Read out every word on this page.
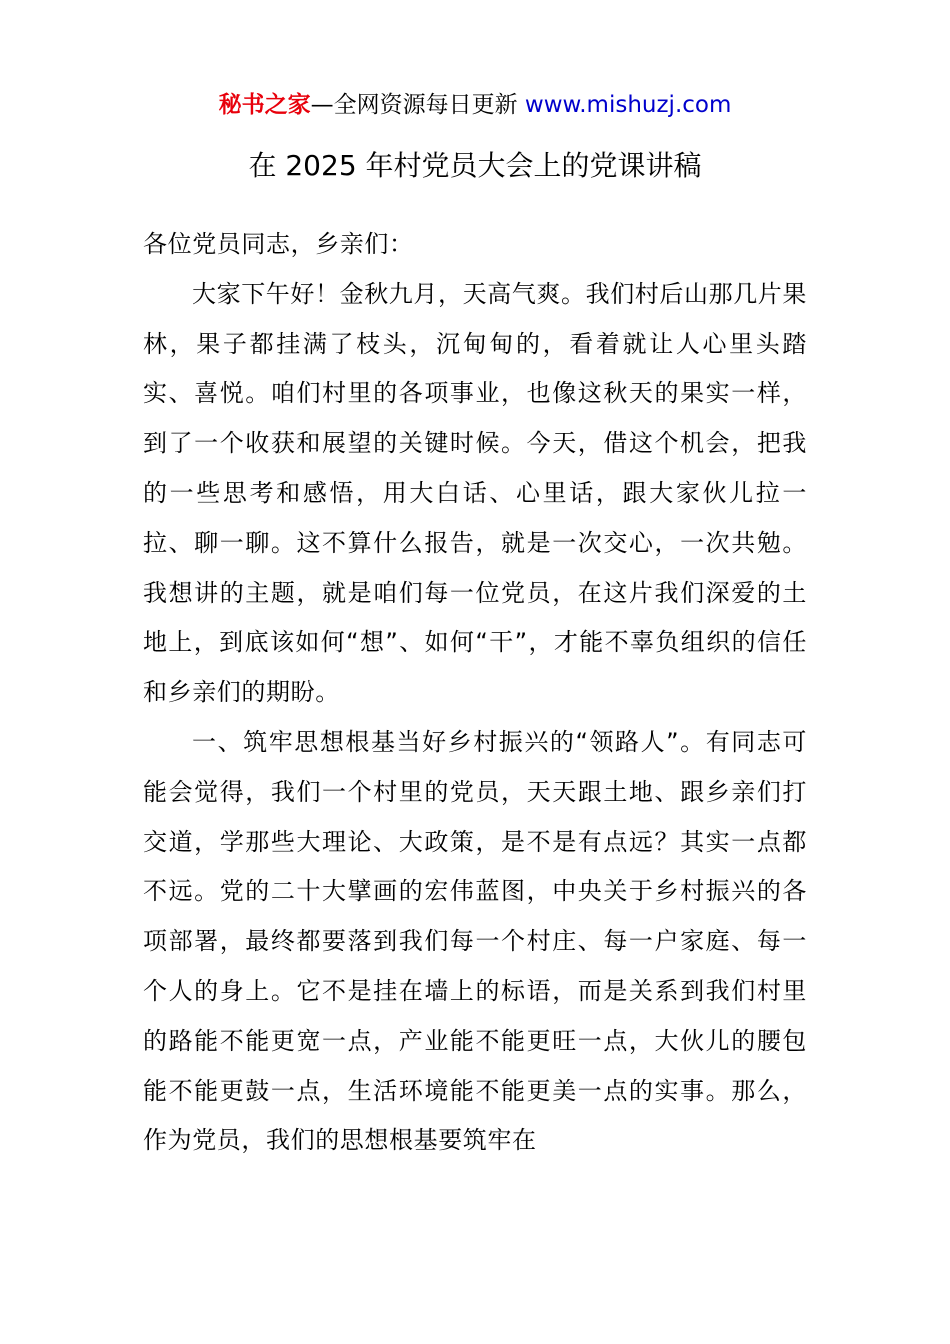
秘书之家—全网资源每日更新 www.mishuzj.com
在 2025 年村党员大会上的党课讲稿

各位党员同志，乡亲们：

大家下午好！金秋九月，天高气爽。我们村后山那几片果林，果子都挂满了枝头，沉甸甸的，看着就让人心里头踏实、喜悦。咱们村里的各项事业，也像这秋天的果实一样，到了一个收获和展望的关键时候。今天，借这个机会，把我的一些思考和感悟，用大白话、心里话，跟大家伙儿拉一拉、聊一聊。这不算什么报告，就是一次交心，一次共勉。我想讲的主题，就是咱们每一位党员，在这片我们深爱的土地上，到底该如何“想”、如何“干”，才能不辜负组织的信任和乡亲们的期盼。

一、筑牢思想根基当好乡村振兴的“领路人”。有同志可能会觉得，我们一个村里的党员，天天跟土地、跟乡亲们打交道，学那些大理论、大政策，是不是有点远？其实一点都不远。党的二十大擘画的宏伟蓝图，中央关于乡村振兴的各项部署，最终都要落到我们每一个村庄、每一户家庭、每一个人的身上。它不是挂在墙上的标语，而是关系到我们村里的路能不能更宽一点，产业能不能更旺一点，大伙儿的腰包能不能更鼓一点，生活环境能不能更美一点的实事。那么，作为党员，我们的思想根基要筑牢在
